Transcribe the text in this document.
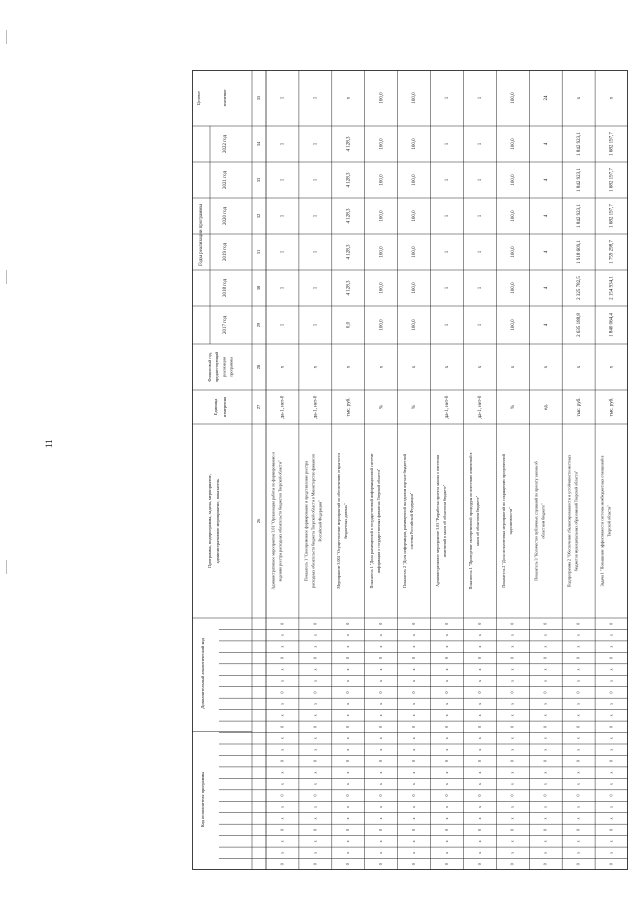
11
2017 год
2018 год
2019 год
2020 год
2021 год
2022 год
Годы реализации программы
значение
Целевое
Единица измерения
Финансовый год, предшествующий реализации программы
Программа, подпрограмма, задача, мероприятие, административное мероприятие, показатель
Дополнительный аналитический код
Код исполнителя программы
35
34
33
32
31
30
29
28
27
26
1
1
1
1
1
1
1
х
да-1, нет-0
Административное мероприятие 3.01 "Организация работы по формированию и ведению реестра расходных обязательств бюджетов Тверской области"
0
х
х
0
х
х
0
х
х
0
х
х
0
х
х
0
х
х
0
х
х
0
1
1
1
1
1
1
1
х
да-1, нет-0
Показатель 1 "Своевременное формирование и представление реестра расходных обязательств бюджета Тверской области в Министерство финансов Российской Федерации"
0
х
х
0
х
х
0
х
х
0
х
х
0
х
х
0
х
х
0
х
х
0
0,0
4 128,3
4 128,3
4 128,3
4 128,3
4 128,3
х
х
тыс. руб.
Мероприятие 3.002 "Осуществление мероприятий по обеспечению открытости бюджетных данных"
0
х
х
0
х
х
0
х
х
0
х
х
0
х
х
0
х
х
0
х
х
0
100,0
100,0
100,0
100,0
100,0
100,0
100,0
х
%
Показатель 1 "Доля размещенной в государственной информационной системе информации о государственных финансах Тверской области"
0
х
х
0
х
х
0
х
х
0
х
х
0
х
х
0
х
х
0
х
х
0
100,0
100,0
100,0
100,0
100,0
100,0
100,0
х
%
Показатель 2 "Доля информации, размещенной на едином портале бюджетной системы Российской Федерации"
0
х
х
0
х
х
0
х
х
0
х
х
0
х
х
0
х
х
0
х
х
0
1
1
1
1
1
1
1
х
да-1, нет-0
Административное мероприятие 3.03 "Разработка проекта закона о внесении изменений в закон об областном бюджете"
0
х
х
0
х
х
0
х
х
0
х
х
0
х
х
0
х
х
0
х
х
0
1
1
1
1
1
1
1
х
да-1, нет-0
Показатель 1 "Проведение своевременной процедуры по внесению изменений в закон об областном бюджете"
0
х
х
0
х
х
0
х
х
0
х
х
0
х
х
0
х
х
0
х
х
0
100,0
100,0
100,0
100,0
100,0
100,0
100,0
х
%
Показатель 2 "Доля исполненных мероприятий по сокращению просроченной задолженности"
0
х
х
0
х
х
0
х
х
0
х
х
0
х
х
0
х
х
0
х
х
0
4
4
4
4
4
4
24
х
ед.
Показатель 3 "Количество публичных слушаний по проекту закона об областном бюджете"
0
х
х
0
х
х
0
х
х
0
х
х
0
х
х
0
х
х
0
х
х
0
2 635 188,8
2 325 782,5
1 918 609,1
1 842 923,1
1 842 923,1
1 842 923,1
х
х
тыс. руб.
Подпрограмма 2 "Обеспечение сбалансированности и устойчивости местных бюджетов муниципальных образований Тверской области"
0
х
х
0
х
х
0
х
х
0
х
х
0
х
х
0
х
х
0
х
х
0
1 840 064,4
2 154 934,1
1 759 298,7
1 682 197,7
1 682 197,7
1 682 197,7
х
х
тыс. руб.
Задача 1 "Повышение эффективности системы межбюджетных отношений в Тверской области"
0
х
х
0
х
х
0
х
х
0
х
х
0
х
х
0
х
х
0
х
х
0
